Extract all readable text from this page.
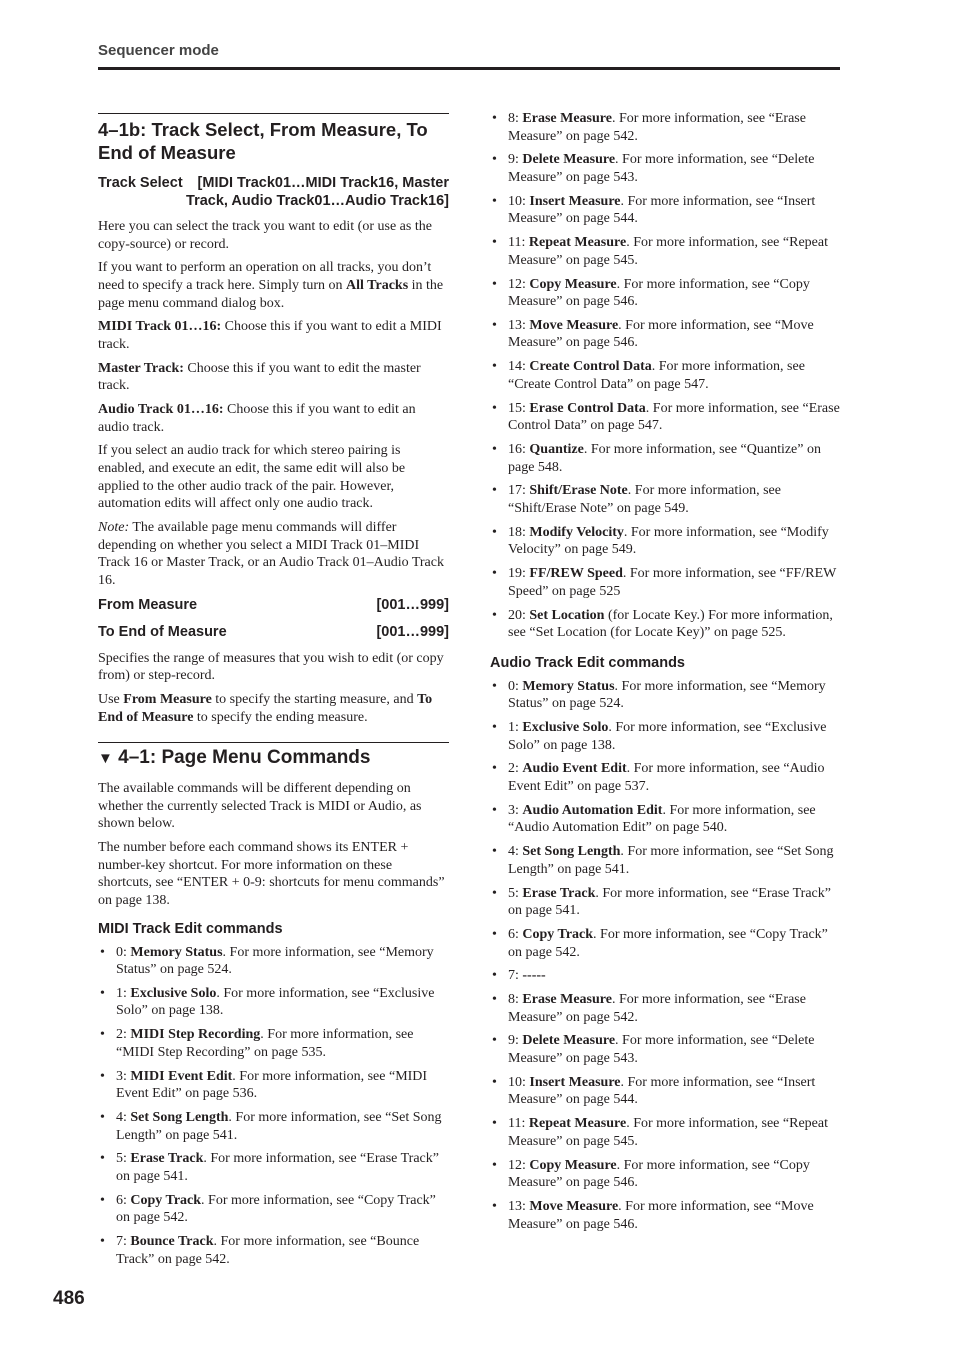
Sequencer mode
4–1b: Track Select, From Measure, To End of Measure
Track Select [MIDI Track01…MIDI Track16, Master
Track, Audio Track01…Audio Track16]

Here you can select the track you want to edit (or use as the copy-source) or record.

If you want to perform an operation on all tracks, you don’t need to specify a track here. Simply turn on All Tracks in the page menu command dialog box.

MIDI Track 01…16: Choose this if you want to edit a MIDI track.

Master Track: Choose this if you want to edit the master track.

Audio Track 01…16: Choose this if you want to edit an audio track.

If you select an audio track for which stereo pairing is enabled, and execute an edit, the same edit will also be applied to the other audio track of the pair. However, automation edits will affect only one audio track.

Note: The available page menu commands will differ depending on whether you select a MIDI Track 01–MIDI Track 16 or Master Track, or an Audio Track 01–Audio Track 16.

From Measure	[001…999]
To End of Measure	[001…999]

Specifies the range of measures that you wish to edit (or copy from) or step-record.

Use From Measure to specify the starting measure, and To End of Measure to specify the ending measure.

▼ 4–1: Page Menu Commands

The available commands will be different depending on whether the currently selected Track is MIDI or Audio, as shown below.

The number before each command shows its ENTER + number-key shortcut. For more information on these shortcuts, see “ENTER + 0-9: shortcuts for menu commands” on page 138.

MIDI Track Edit commands
• 0: Memory Status. For more information, see “Memory Status” on page 524.
• 1: Exclusive Solo. For more information, see “Exclusive Solo” on page 138.
• 2: MIDI Step Recording. For more information, see “MIDI Step Recording” on page 535.
• 3: MIDI Event Edit. For more information, see “MIDI Event Edit” on page 536.
• 4: Set Song Length. For more information, see “Set Song Length” on page 541.
• 5: Erase Track. For more information, see “Erase Track” on page 541.
• 6: Copy Track. For more information, see “Copy Track” on page 542.
• 7: Bounce Track. For more information, see “Bounce Track” on page 542.
• 8: Erase Measure. For more information, see “Erase Measure” on page 542.
• 9: Delete Measure. For more information, see “Delete Measure” on page 543.
• 10: Insert Measure. For more information, see “Insert Measure” on page 544.
• 11: Repeat Measure. For more information, see “Repeat Measure” on page 545.
• 12: Copy Measure. For more information, see “Copy Measure” on page 546.
• 13: Move Measure. For more information, see “Move Measure” on page 546.
• 14: Create Control Data. For more information, see “Create Control Data” on page 547.
• 15: Erase Control Data. For more information, see “Erase Control Data” on page 547.
• 16: Quantize. For more information, see “Quantize” on page 548.
• 17: Shift/Erase Note. For more information, see “Shift/Erase Note” on page 549.
• 18: Modify Velocity. For more information, see “Modify Velocity” on page 549.
• 19: FF/REW Speed. For more information, see “FF/REW Speed” on page 525
• 20: Set Location (for Locate Key.) For more information, see “Set Location (for Locate Key)” on page 525.
Audio Track Edit commands
• 0: Memory Status. For more information, see “Memory Status” on page 524.
• 1: Exclusive Solo. For more information, see “Exclusive Solo” on page 138.
• 2: Audio Event Edit. For more information, see “Audio Event Edit” on page 537.
• 3: Audio Automation Edit. For more information, see “Audio Automation Edit” on page 540.
• 4: Set Song Length. For more information, see “Set Song Length” on page 541.
• 5: Erase Track. For more information, see “Erase Track” on page 541.
• 6: Copy Track. For more information, see “Copy Track” on page 542.
• 7: -----
• 8: Erase Measure. For more information, see “Erase Measure” on page 542.
• 9: Delete Measure. For more information, see “Delete Measure” on page 543.
• 10: Insert Measure. For more information, see “Insert Measure” on page 544.
• 11: Repeat Measure. For more information, see “Repeat Measure” on page 545.
• 12: Copy Measure. For more information, see “Copy Measure” on page 546.
• 13: Move Measure. For more information, see “Move Measure” on page 546.
486
